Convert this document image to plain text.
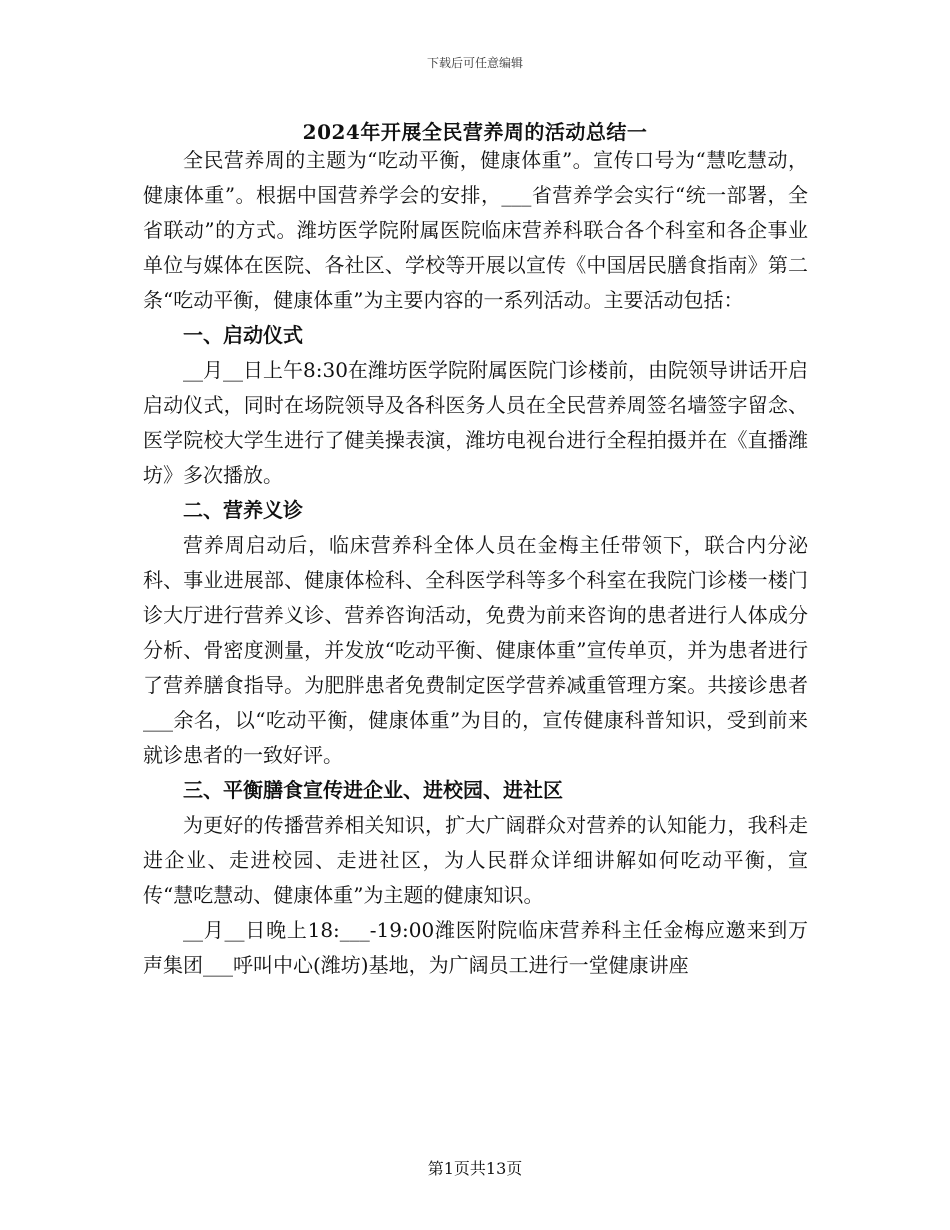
下载后可任意编辑
2024年开展全民营养周的活动总结一

全民营养周的主题为“吃动平衡，健康体重”。宣传口号为“慧吃慧动，健康体重”。根据中国营养学会的安排，___省营养学会实行“统一部署，全省联动”的方式。潍坊医学院附属医院临床营养科联合各个科室和各企事业单位与媒体在医院、各社区、学校等开展以宣传《中国居民膳食指南》第二条“吃动平衡，健康体重”为主要内容的一系列活动。主要活动包括：

一、启动仪式

__月__日上午8:30在潍坊医学院附属医院门诊楼前，由院领导讲话开启启动仪式，同时在场院领导及各科医务人员在全民营养周签名墙签字留念、医学院校大学生进行了健美操表演，潍坊电视台进行全程拍摄并在《直播潍坊》多次播放。

二、营养义诊

营养周启动后，临床营养科全体人员在金梅主任带领下，联合内分泌科、事业进展部、健康体检科、全科医学科等多个科室在我院门诊楼一楼门诊大厅进行营养义诊、营养咨询活动，免费为前来咨询的患者进行人体成分分析、骨密度测量，并发放“吃动平衡、健康体重”宣传单页，并为患者进行了营养膳食指导。为肥胖患者免费制定医学营养减重管理方案。共接诊患者___余名，以“吃动平衡，健康体重”为目的，宣传健康科普知识，受到前来就诊患者的一致好评。

三、平衡膳食宣传进企业、进校园、进社区

为更好的传播营养相关知识，扩大广阔群众对营养的认知能力，我科走进企业、走进校园、走进社区，为人民群众详细讲解如何吃动平衡，宣传“慧吃慧动、健康体重”为主题的健康知识。

__月__日晚上18:___-19:00潍医附院临床营养科主任金梅应邀来到万声集团___呼叫中心(潍坊)基地，为广阔员工进行一堂健康讲座

第1页共13页
